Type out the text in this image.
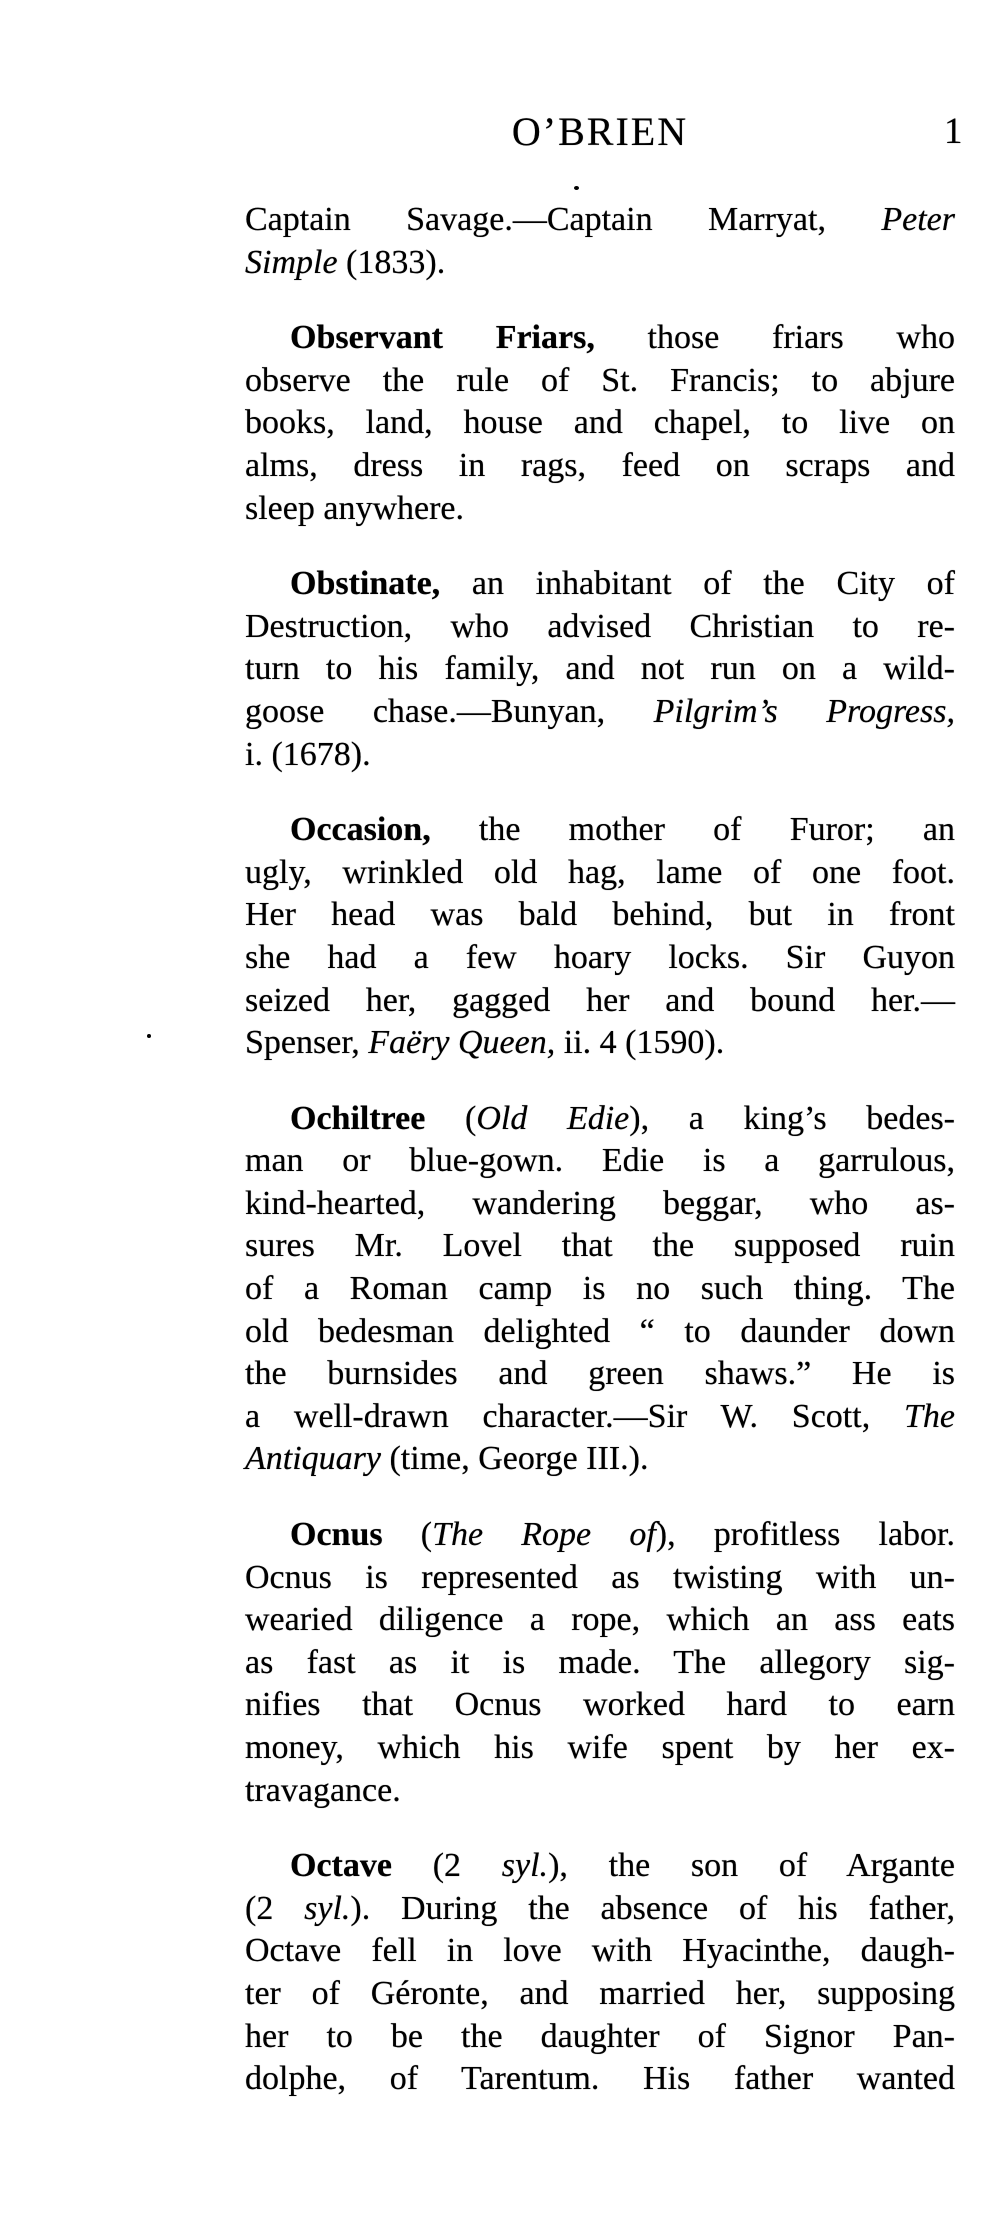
O’BRIEN	1

Captain Savage.—Captain Marryat, Peter
Simple (1833).

Observant Friars, those friars who
observe the rule of St. Francis; to abjure
books, land, house and chapel, to live on
alms, dress in rags, feed on scraps and
sleep anywhere.

Obstinate, an inhabitant of the City of
Destruction, who advised Christian to re-
turn to his family, and not run on a wild-
goose chase.—Bunyan, Pilgrim’s Progress,
i. (1678).

Occasion, the mother of Furor; an
ugly, wrinkled old hag, lame of one foot.
Her head was bald behind, but in front
she had a few hoary locks. Sir Guyon
seized her, gagged her and bound her.—
Spenser, Faëry Queen, ii. 4 (1590).

Ochiltree (Old Edie), a king’s bedes-
man or blue-gown. Edie is a garrulous,
kind-hearted, wandering beggar, who as-
sures Mr. Lovel that the supposed ruin
of a Roman camp is no such thing. The
old bedesman delighted “ to daunder down
the burnsides and green shaws.” He is
a well-drawn character.—Sir W. Scott, The
Antiquary (time, George III.).

Ocnus (The Rope of), profitless labor.
Ocnus is represented as twisting with un-
wearied diligence a rope, which an ass eats
as fast as it is made. The allegory sig-
nifies that Ocnus worked hard to earn
money, which his wife spent by her ex-
travagance.

Octave (2 syl.), the son of Argante
(2 syl.). During the absence of his father,
Octave fell in love with Hyacinthe, daugh-
ter of Géronte, and married her, supposing
her to be the daughter of Signor Pan-
dolphe, of Tarentum. His father wanted
